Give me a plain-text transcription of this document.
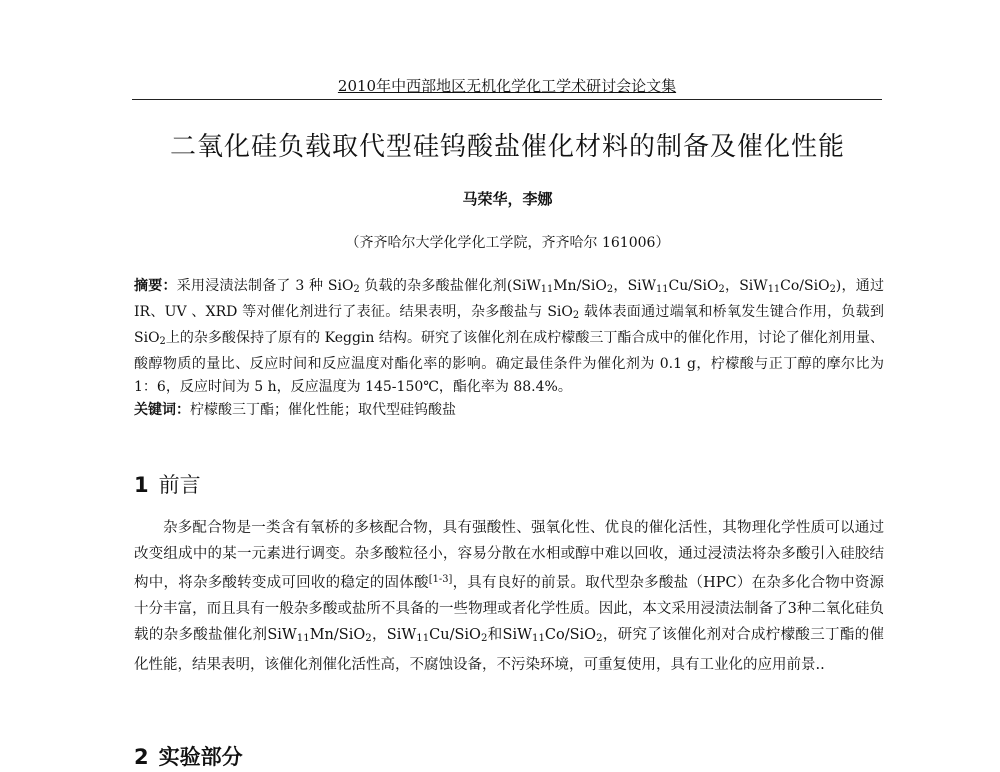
2010年中西部地区无机化学化工学术研讨会论文集
二氧化硅负载取代型硅钨酸盐催化材料的制备及催化性能
马荣华，李娜
（齐齐哈尔大学化学化工学院，齐齐哈尔 161006）

摘要：采用浸渍法制备了 3 种 SiO$_2$ 负载的杂多酸盐催化剂(SiW$_{11}$Mn/SiO$_2$，SiW$_{11}$Cu/SiO$_2$，SiW$_{11}$Co/SiO$_2$)，通过 IR、UV 、XRD 等对催化剂进行了表征。结果表明，杂多酸盐与 SiO$_2$ 载体表面通过端氧和桥氧发生键合作用，负载到 SiO$_2$上的杂多酸保持了原有的 Keggin 结构。研究了该催化剂在成柠檬酸三丁酯合成中的催化作用，讨论了催化剂用量、酸醇物质的量比、反应时间和反应温度对酯化率的影响。确定最佳条件为催化剂为 0.1 g，柠檬酸与正丁醇的摩尔比为 1：6，反应时间为 5 h，反应温度为 145-150℃，酯化率为 88.4%。

关键词：柠檬酸三丁酯；催化性能；取代型硅钨酸盐

1 前言

杂多配合物是一类含有氧桥的多核配合物，具有强酸性、强氧化性、优良的催化活性，其物理化学性质可以通过改变组成中的某一元素进行调变。杂多酸粒径小，容易分散在水相或醇中难以回收，通过浸渍法将杂多酸引入硅胶结构中，将杂多酸转变成可回收的稳定的固体酸[1-3]，具有良好的前景。取代型杂多酸盐（HPC）在杂多化合物中资源十分丰富，而且具有一般杂多酸或盐所不具备的一些物理或者化学性质。因此，本文采用浸渍法制备了3种二氧化硅负载的杂多酸盐催化剂SiW$_{11}$Mn/SiO$_2$，SiW$_{11}$Cu/SiO$_2$和SiW$_{11}$Co/SiO$_2$，研究了该催化剂对合成柠檬酸三丁酯的催化性能，结果表明，该催化剂催化活性高，不腐蚀设备，不污染环境，可重复使用，具有工业化的应用前景..

2 实验部分
